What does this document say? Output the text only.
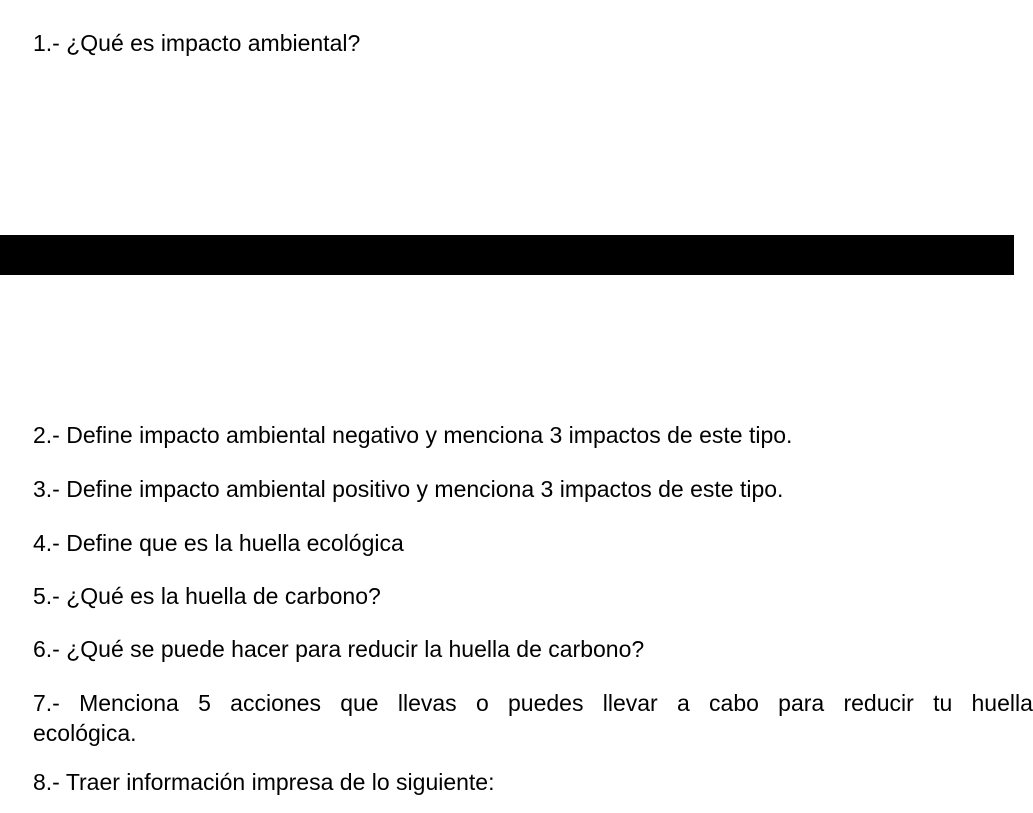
1.- ¿Qué es impacto ambiental?
2.- Define impacto ambiental negativo y menciona 3 impactos de este tipo.
3.- Define impacto ambiental positivo y menciona 3 impactos de este tipo.
4.- Define que es la huella ecológica
5.- ¿Qué es la huella de carbono?
6.- ¿Qué se puede hacer para reducir la huella de carbono?
7.- Menciona 5 acciones que llevas o puedes llevar a cabo para reducir tu huella
ecológica.
8.- Traer información impresa de lo siguiente:
